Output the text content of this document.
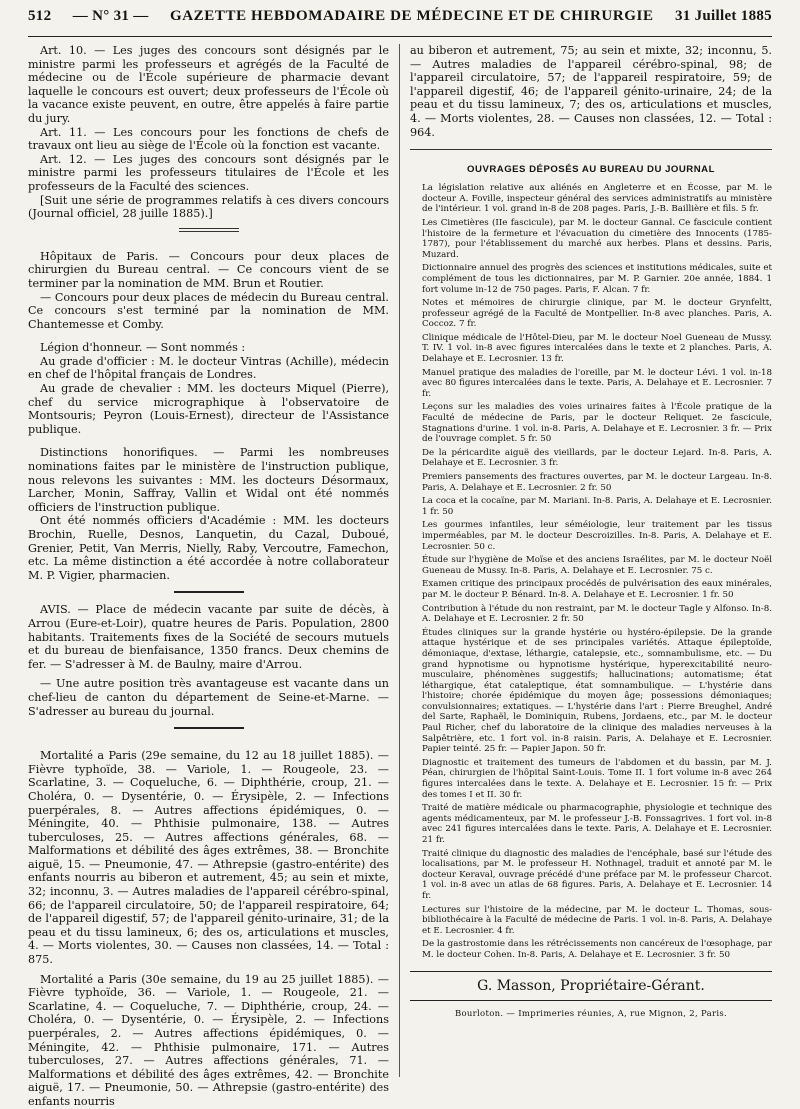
512 — N° 31 — GAZETTE HEBDOMADAIRE DE MÉDECINE ET DE CHIRURGIE 31 Juillet 1885

Art. 10. — Les juges des concours sont désignés par le ministre parmi les professeurs et agrégés de la Faculté de médecine ou de l'École supérieure de pharmacie devant laquelle le concours est ouvert; deux professeurs de l'École où la vacance existe peuvent, en outre, être appelés à faire partie du jury.

Art. 11. — Les concours pour les fonctions de chefs de travaux ont lieu au siège de l'École où la fonction est vacante.

Art. 12. — Les juges des concours sont désignés par le ministre parmi les professeurs titulaires de l'École et les professeurs de la Faculté des sciences.

[Suit une série de programmes relatifs à ces divers concours (Journal officiel, 28 juille 1885).]

Hôpitaux de Paris. — Concours pour deux places de chirurgien du Bureau central. — Ce concours vient de se terminer par la nomination de MM. Brun et Routier.

— Concours pour deux places de médecin du Bureau central. Ce concours s'est terminé par la nomination de MM. Chantemesse et Comby.

Légion d'honneur. — Sont nommés :

Au grade d'officier : M. le docteur Vintras (Achille), médecin en chef de l'hôpital français de Londres.

Au grade de chevalier : MM. les docteurs Miquel (Pierre), chef du service micrographique à l'observatoire de Montsouris; Peyron (Louis-Ernest), directeur de l'Assistance publique.

Distinctions honorifiques. — Parmi les nombreuses nominations faites par le ministère de l'instruction publique, nous relevons les suivantes : MM. les docteurs Désormaux, Larcher, Monin, Saffray, Vallin et Widal ont été nommés officiers de l'instruction publique.

Ont été nommés officiers d'Académie : MM. les docteurs Brochin, Ruelle, Desnos, Lanquetin, du Cazal, Duboué, Grenier, Petit, Van Merris, Nielly, Raby, Vercoutre, Famechon, etc. La même distinction a été accordée à notre collaborateur M. P. Vigier, pharmacien.

AVIS. — Place de médecin vacante par suite de décès, à Arrou (Eure-et-Loir), quatre heures de Paris. Population, 2800 habitants. Traitements fixes de la Société de secours mutuels et du bureau de bienfaisance, 1350 francs. Deux chemins de fer. — S'adresser à M. de Baulny, maire d'Arrou.

— Une autre position très avantageuse est vacante dans un chef-lieu de canton du département de Seine-et-Marne. — S'adresser au bureau du journal.

Mortalité a Paris (29e semaine, du 12 au 18 juillet 1885). — Fièvre typhoïde, 38. — Variole, 1. — Rougeole, 23. — Scarlatine, 3. — Coqueluche, 6. — Diphthérie, croup, 21. — Choléra, 0. — Dysentérie, 0. — Érysipèle, 2. — Infections puerpérales, 8. — Autres affections épidémiques, 0. — Méningite, 40. — Phthisie pulmonaire, 138. — Autres tuberculoses, 25. — Autres affections générales, 68. — Malformations et débilité des âges extrêmes, 38. — Bronchite aiguë, 15. — Pneumonie, 47. — Athrepsie (gastro-entérite) des enfants nourris au biberon et autrement, 45; au sein et mixte, 32; inconnu, 3. — Autres maladies de l'appareil cérébro-spinal, 66; de l'appareil circulatoire, 50; de l'appareil respiratoire, 64; de l'appareil digestif, 57; de l'appareil génito-urinaire, 31; de la peau et du tissu lamineux, 6; des os, articulations et muscles, 4. — Morts violentes, 30. — Causes non classées, 14. — Total : 875.

Mortalité a Paris (30e semaine, du 19 au 25 juillet 1885). — Fièvre typhoïde, 36. — Variole, 1. — Rougeole, 21. — Scarlatine, 4. — Coqueluche, 7. — Diphthérie, croup, 24. — Choléra, 0. — Dysentérie, 0. — Érysipèle, 2. — Infections puerpérales, 2. — Autres affections épidémiques, 0. — Méningite, 42. — Phthisie pulmonaire, 171. — Autres tuberculoses, 27. — Autres affections générales, 71. — Malformations et débilité des âges extrêmes, 42. — Bronchite aiguë, 17. — Pneumonie, 50. — Athrepsie (gastro-entérite) des enfants nourris

au biberon et autrement, 75; au sein et mixte, 32; inconnu, 5. — Autres maladies de l'appareil cérébro-spinal, 98; de l'appareil circulatoire, 57; de l'appareil respiratoire, 59; de l'appareil digestif, 46; de l'appareil génito-urinaire, 24; de la peau et du tissu lamineux, 7; des os, articulations et muscles, 4. — Morts violentes, 28. — Causes non classées, 12. — Total : 964.

OUVRAGES DÉPOSÉS AU BUREAU DU JOURNAL

La législation relative aux aliénés en Angleterre et en Écosse, par M. le docteur A. Foville, inspecteur général des services administratifs au ministère de l'intérieur. 1 vol. grand in-8 de 208 pages. Paris, J.-B. Baillière et fils. 5 fr.

Les Cimetières (IIe fascicule), par M. le docteur Gannal. Ce fascicule contient l'histoire de la fermeture et l'évacuation du cimetière des Innocents (1785-1787), pour l'établissement du marché aux herbes. Plans et dessins. Paris, Muzard.

Dictionnaire annuel des progrès des sciences et institutions médicales, suite et complément de tous les dictionnaires, par M. P. Garnier. 20e année, 1884. 1 fort volume in-12 de 750 pages. Paris, F. Alcan. 7 fr.

Notes et mémoires de chirurgie clinique, par M. le docteur Grynfeltt, professeur agrégé de la Faculté de Montpellier. In-8 avec planches. Paris, A. Coccoz. 7 fr.

Clinique médicale de l'Hôtel-Dieu, par M. le docteur Noel Gueneau de Mussy. T. IV. 1 vol. in-8 avec figures intercalées dans le texte et 2 planches. Paris, A. Delahaye et E. Lecrosnier. 13 fr.

Manuel pratique des maladies de l'oreille, par M. le docteur Lévi. 1 vol. in-18 avec 80 figures intercalées dans le texte. Paris, A. Delahaye et E. Lecrosnier. 7 fr.

Leçons sur les maladies des voies urinaires faites à l'École pratique de la Faculté de médecine de Paris, par le docteur Reliquet. 2e fascicule, Stagnations d'urine. 1 vol. in-8. Paris, A. Delahaye et E. Lecrosnier. 3 fr. — Prix de l'ouvrage complet. 5 fr. 50

De la péricardite aiguë des vieillards, par le docteur Lejard. In-8. Paris, A. Delahaye et E. Lecrosnier. 3 fr.

Premiers pansements des fractures ouvertes, par M. le docteur Largeau. In-8. Paris, A. Delahaye et E. Lecrosnier. 2 fr. 50

La coca et la cocaïne, par M. Mariani. In-8. Paris, A. Delahaye et E. Lecrosnier. 1 fr. 50

Les gourmes infantiles, leur séméiologie, leur traitement par les tissus imperméables, par M. le docteur Descroizilles. In-8. Paris, A. Delahaye et E. Lecrosnier. 50 c.

Étude sur l'hygiène de Moïse et des anciens Israélites, par M. le docteur Noël Gueneau de Mussy. In-8. Paris, A. Delahaye et E. Lecrosnier. 75 c.

Examen critique des principaux procédés de pulvérisation des eaux minérales, par M. le docteur P. Bénard. In-8. A. Delahaye et E. Lecrosnier. 1 fr. 50

Contribution à l'étude du non restraint, par M. le docteur Tagle y Alfonso. In-8. A. Delahaye et E. Lecrosnier. 2 fr. 50

Études cliniques sur la grande hystérie ou hystéro-épilepsie. De la grande attaque hystérique et de ses principales variétés. Attaque épileptoïde, démoniaque, d'extase, léthargie, catalepsie, etc., somnambulisme, etc. — Du grand hypnotisme ou hypnotisme hystérique, hyperexcitabilité neuro-musculaire, phénomènes suggestifs; hallucinations; automatisme; état léthargique, état cataleptique, état somnambulique. — L'hystérie dans l'histoire; chorée épidémique du moyen âge; possessions démoniaques; convulsionnaires; extatiques. — L'hystérie dans l'art : Pierre Breughel, André del Sarte, Raphaël, le Dominiquin, Rubens, Jordaens, etc., par M. le docteur Paul Richer, chef du laboratoire de la clinique des maladies nerveuses à la Salpêtrière, etc. 1 fort vol. in-8 raisin. Paris, A. Delahaye et E. Lecrosnier. Papier teinté. 25 fr. — Papier Japon. 50 fr.

Diagnostic et traitement des tumeurs de l'abdomen et du bassin, par M. J. Péan, chirurgien de l'hôpital Saint-Louis. Tome II. 1 fort volume in-8 avec 264 figures intercalées dans le texte. A. Delahaye et E. Lecrosnier. 15 fr. — Prix des tomes I et II. 30 fr.

Traité de matière médicale ou pharmacographie, physiologie et technique des agents médicamenteux, par M. le professeur J.-B. Fonssagrives. 1 fort vol. in-8 avec 241 figures intercalées dans le texte. Paris, A. Delahaye et E. Lecrosnier. 21 fr.

Traité clinique du diagnostic des maladies de l'encéphale, basé sur l'étude des localisations, par M. le professeur H. Nothnagel, traduit et annoté par M. le docteur Keraval, ouvrage précédé d'une préface par M. le professeur Charcot. 1 vol. in-8 avec un atlas de 68 figures. Paris, A. Delahaye et E. Lecrosnier. 14 fr.

Lectures sur l'histoire de la médecine, par M. le docteur L. Thomas, sous-bibliothécaire à la Faculté de médecine de Paris. 1 vol. in-8. Paris, A. Delahaye et E. Lecrosnier. 4 fr.

De la gastrostomie dans les rétrécissements non cancéreux de l'œsophage, par M. le docteur Cohen. In-8. Paris, A. Delahaye et E. Lecrosnier. 3 fr. 50

G. Masson, Propriétaire-Gérant.
Bourloton. — Imprimeries réunies, A, rue Mignon, 2, Paris.
